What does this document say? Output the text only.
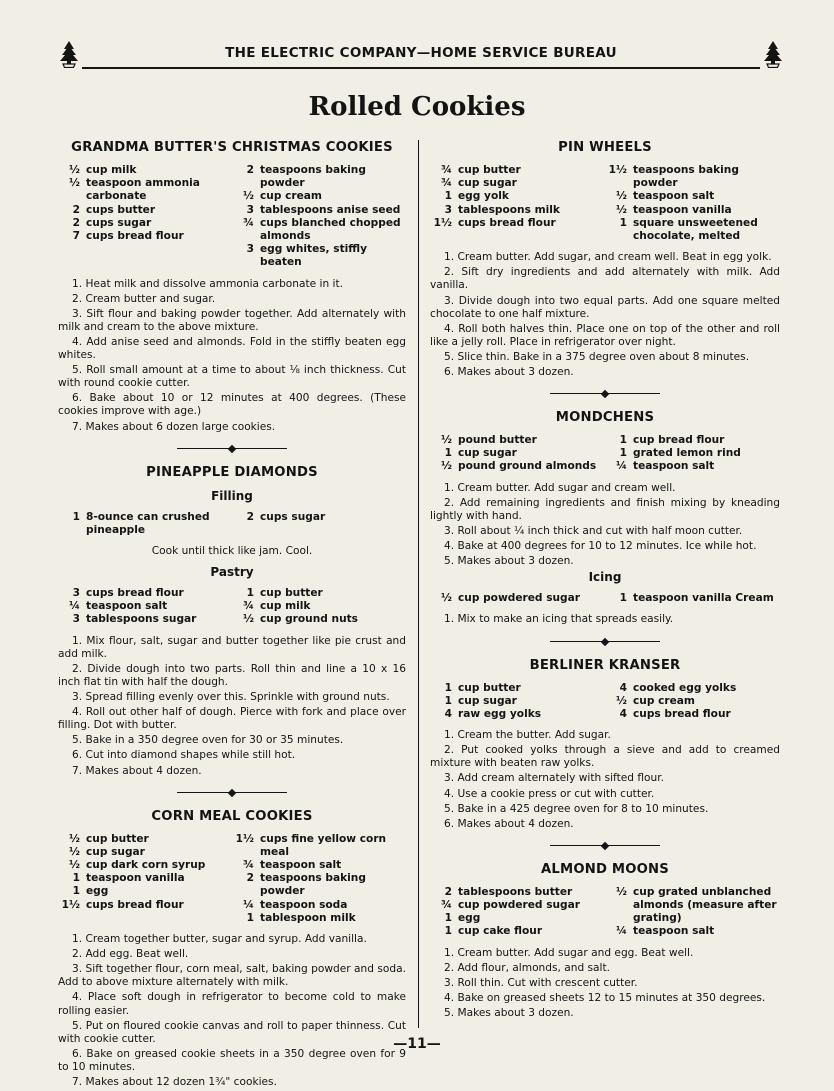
THE ELECTRIC COMPANY—HOME SERVICE BUREAU
Rolled Cookies
GRANDMA BUTTER'S CHRISTMAS COOKIES
½ cup milk
½ teaspoon ammonia carbonate
2 cups butter
2 cups sugar
7 cups bread flour
2 teaspoons baking powder
½ cup cream
3 tablespoons anise seed
¾ cups blanched chopped almonds
3 egg whites, stiffly beaten

1. Heat milk and dissolve ammonia carbonate in it.

2. Cream butter and sugar.

3. Sift flour and baking powder together. Add alternately with milk and cream to the above mixture.

4. Add anise seed and almonds. Fold in the stiffly beaten egg whites.

5. Roll small amount at a time to about ⅛ inch thickness. Cut with round cookie cutter.

6. Bake about 10 or 12 minutes at 400 degrees. (These cookies improve with age.)

7. Makes about 6 dozen large cookies.

PINEAPPLE DIAMONDS
Filling
1 8-ounce can crushed pineapple
2 cups sugar
Cook until thick like jam. Cool.
Pastry
3 cups bread flour
¼ teaspoon salt
3 tablespoons sugar
1 cup butter
¾ cup milk
½ cup ground nuts

1. Mix flour, salt, sugar and butter together like pie crust and add milk.

2. Divide dough into two parts. Roll thin and line a 10 x 16 inch flat tin with half the dough.

3. Spread filling evenly over this. Sprinkle with ground nuts.

4. Roll out other half of dough. Pierce with fork and place over filling. Dot with butter.

5. Bake in a 350 degree oven for 30 or 35 minutes.

6. Cut into diamond shapes while still hot.

7. Makes about 4 dozen.

CORN MEAL COOKIES
½ cup butter
½ cup sugar
½ cup dark corn syrup
1 teaspoon vanilla
1 egg
1½ cups bread flour
1½ cups fine yellow corn meal
¾ teaspoon salt
2 teaspoons baking powder
¼ teaspoon soda
1 tablespoon milk

1. Cream together butter, sugar and syrup. Add vanilla.

2. Add egg. Beat well.

3. Sift together flour, corn meal, salt, baking powder and soda. Add to above mixture alternately with milk.

4. Place soft dough in refrigerator to become cold to make rolling easier.

5. Put on floured cookie canvas and roll to paper thinness. Cut with cookie cutter.

6. Bake on greased cookie sheets in a 350 degree oven for 9 to 10 minutes.

7. Makes about 12 dozen 1¾" cookies.

PIN WHEELS
¾ cup butter
¾ cup sugar
1 egg yolk
3 tablespoons milk
1½ cups bread flour
1½ teaspoons baking powder
½ teaspoon salt
½ teaspoon vanilla
1 square unsweetened chocolate, melted

1. Cream butter. Add sugar, and cream well. Beat in egg yolk.

2. Sift dry ingredients and add alternately with milk. Add vanilla.

3. Divide dough into two equal parts. Add one square melted chocolate to one half mixture.

4. Roll both halves thin. Place one on top of the other and roll like a jelly roll. Place in refrigerator over night.

5. Slice thin. Bake in a 375 degree oven about 8 minutes.

6. Makes about 3 dozen.

MONDCHENS
½ pound butter
1 cup sugar
½ pound ground almonds
1 cup bread flour
1 grated lemon rind
¼ teaspoon salt

1. Cream butter. Add sugar and cream well.

2. Add remaining ingredients and finish mixing by kneading lightly with hand.

3. Roll about ¼ inch thick and cut with half moon cutter.

4. Bake at 400 degrees for 10 to 12 minutes. Ice while hot.

5. Makes about 3 dozen.

Icing
½ cup powdered sugar	1 teaspoon vanilla Cream

1. Mix to make an icing that spreads easily.

BERLINER KRANSER
1 cup butter
1 cup sugar
4 raw egg yolks
4 cooked egg yolks
½ cup cream
4 cups bread flour

1. Cream the butter. Add sugar.

2. Put cooked yolks through a sieve and add to creamed mixture with beaten raw yolks.

3. Add cream alternately with sifted flour.

4. Use a cookie press or cut with cutter.

5. Bake in a 425 degree oven for 8 to 10 minutes.

6. Makes about 4 dozen.

ALMOND MOONS
2 tablespoons butter
¾ cup powdered sugar
1 egg
1 cup cake flour
½ cup grated unblanched almonds (measure after grating)
¼ teaspoon salt

1. Cream butter. Add sugar and egg. Beat well.

2. Add flour, almonds, and salt.

3. Roll thin. Cut with crescent cutter.

4. Bake on greased sheets 12 to 15 minutes at 350 degrees.

5. Makes about 3 dozen.

—11—
